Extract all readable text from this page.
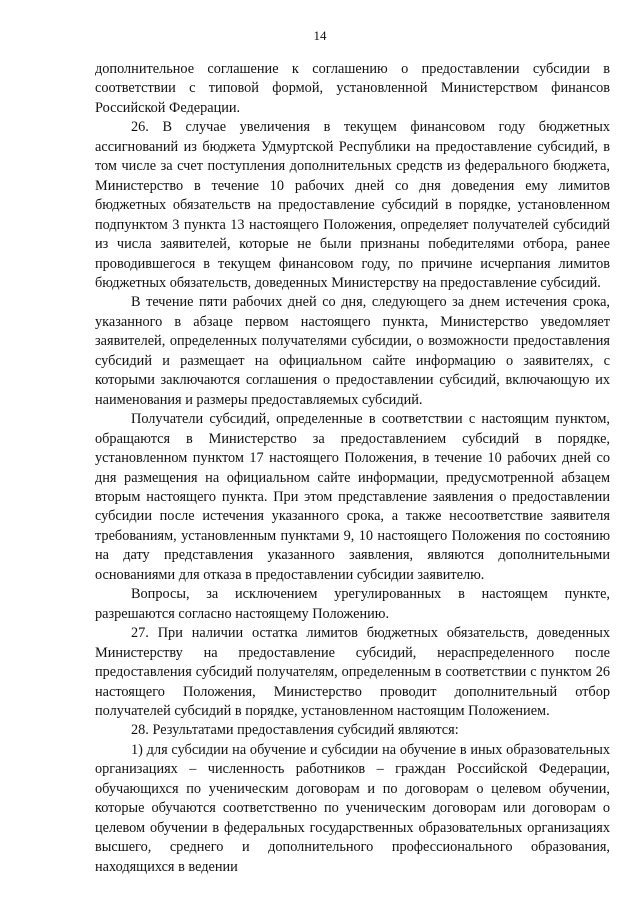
14

дополнительное соглашение к соглашению о предоставлении субсидии в соответствии с типовой формой, установленной Министерством финансов Российской Федерации.

26. В случае увеличения в текущем финансовом году бюджетных ассигнований из бюджета Удмуртской Республики на предоставление субсидий, в том числе за счет поступления дополнительных средств из федерального бюджета, Министерство в течение 10 рабочих дней со дня доведения ему лимитов бюджетных обязательств на предоставление субсидий в порядке, установленном подпунктом 3 пункта 13 настоящего Положения, определяет получателей субсидий из числа заявителей, которые не были признаны победителями отбора, ранее проводившегося в текущем финансовом году, по причине исчерпания лимитов бюджетных обязательств, доведенных Министерству на предоставление субсидий.

В течение пяти рабочих дней со дня, следующего за днем истечения срока, указанного в абзаце первом настоящего пункта, Министерство уведомляет заявителей, определенных получателями субсидии, о возможности предоставления субсидий и размещает на официальном сайте информацию о заявителях, с которыми заключаются соглашения о предоставлении субсидий, включающую их наименования и размеры предоставляемых субсидий.

Получатели субсидий, определенные в соответствии с настоящим пунктом, обращаются в Министерство за предоставлением субсидий в порядке, установленном пунктом 17 настоящего Положения, в течение 10 рабочих дней со дня размещения на официальном сайте информации, предусмотренной абзацем вторым настоящего пункта. При этом представление заявления о предоставлении субсидии после истечения указанного срока, а также несоответствие заявителя требованиям, установленным пунктами 9, 10 настоящего Положения по состоянию на дату представления указанного заявления, являются дополнительными основаниями для отказа в предоставлении субсидии заявителю.

Вопросы, за исключением урегулированных в настоящем пункте, разрешаются согласно настоящему Положению.

27. При наличии остатка лимитов бюджетных обязательств, доведенных Министерству на предоставление субсидий, нераспределенного после предоставления субсидий получателям, определенным в соответствии с пунктом 26 настоящего Положения, Министерство проводит дополнительный отбор получателей субсидий в порядке, установленном настоящим Положением.

28. Результатами предоставления субсидий являются:

1) для субсидии на обучение и субсидии на обучение в иных образовательных организациях – численность работников – граждан Российской Федерации, обучающихся по ученическим договорам и по договорам о целевом обучении, которые обучаются соответственно по ученическим договорам или договорам о целевом обучении в федеральных государственных образовательных организациях высшего, среднего и дополнительного профессионального образования, находящихся в ведении
